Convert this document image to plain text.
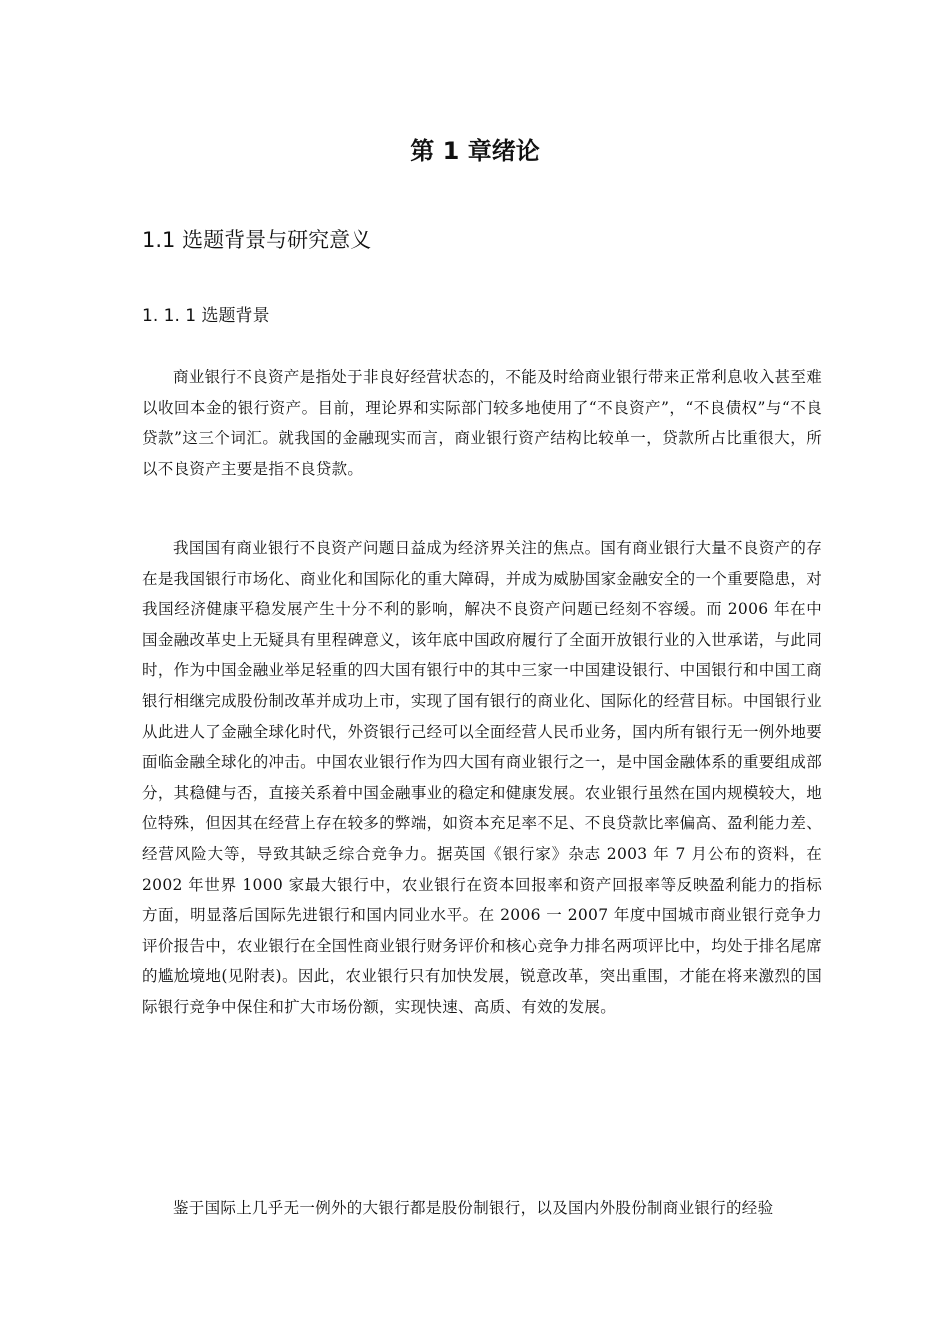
第 1 章绪论
1.1 选题背景与研究意义
1. 1. 1 选题背景

商业银行不良资产是指处于非良好经营状态的，不能及时给商业银行带来正常利息收入甚至难以收回本金的银行资产。目前，理论界和实际部门较多地使用了“不良资产”，“不良债权”与“不良贷款”这三个词汇。就我国的金融现实而言，商业银行资产结构比较单一，贷款所占比重很大，所以不良资产主要是指不良贷款。

我国国有商业银行不良资产问题日益成为经济界关注的焦点。国有商业银行大量不良资产的存在是我国银行市场化、商业化和国际化的重大障碍，并成为威胁国家金融安全的一个重要隐患，对我国经济健康平稳发展产生十分不利的影响，解决不良资产问题已经刻不容缓。而 2006 年在中国金融改革史上无疑具有里程碑意义，该年底中国政府履行了全面开放银行业的入世承诺，与此同时，作为中国金融业举足轻重的四大国有银行中的其中三家一中国建设银行、中国银行和中国工商银行相继完成股份制改革并成功上市，实现了国有银行的商业化、国际化的经营目标。中国银行业从此进人了金融全球化时代，外资银行己经可以全面经营人民币业务，国内所有银行无一例外地要面临金融全球化的冲击。中国农业银行作为四大国有商业银行之一，是中国金融体系的重要组成部分，其稳健与否，直接关系着中国金融事业的稳定和健康发展。农业银行虽然在国内规模较大，地位特殊，但因其在经营上存在较多的弊端，如资本充足率不足、不良贷款比率偏高、盈利能力差、经营风险大等，导致其缺乏综合竞争力。据英国《银行家》杂志 2003 年 7 月公布的资料，在 2002 年世界 1000 家最大银行中，农业银行在资本回报率和资产回报率等反映盈利能力的指标方面，明显落后国际先进银行和国内同业水平。在 2006 一 2007 年度中国城市商业银行竞争力评价报告中，农业银行在全国性商业银行财务评价和核心竞争力排名两项评比中，均处于排名尾席的尴尬境地(见附表)。因此，农业银行只有加快发展，锐意改革，突出重围，才能在将来激烈的国际银行竞争中保住和扩大市场份额，实现快速、高质、有效的发展。

鉴于国际上几乎无一例外的大银行都是股份制银行，以及国内外股份制商业银行的经验
